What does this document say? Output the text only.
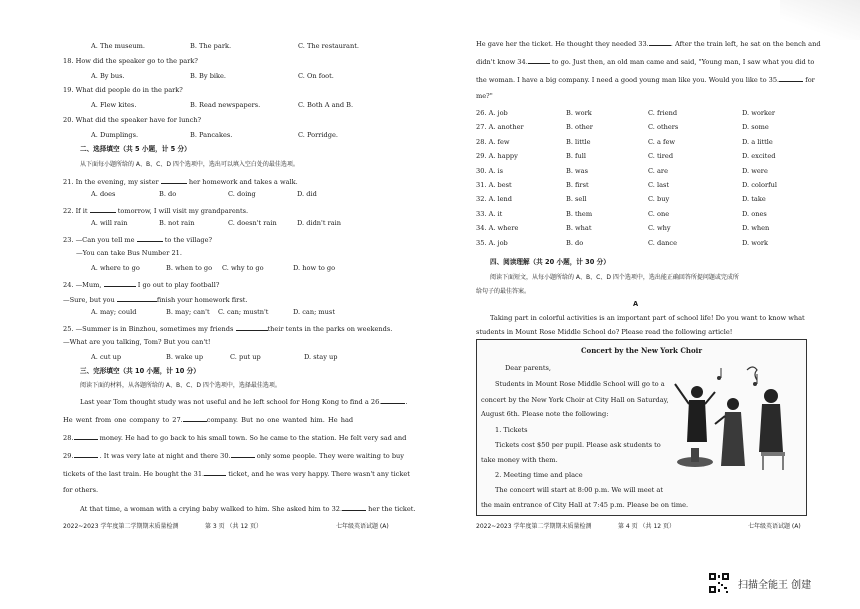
A. The museum.	B. The park.	C. The restaurant.
18. How did the speaker go to the park?
A. By bus.	B. By bike.	C. On foot.
19. What did people do in the park?
A. Flew kites.	B. Read newspapers.	C. Both A and B.
20. What did the speaker have for lunch?
A. Dumplings.	B. Pancakes.	C. Porridge.
二、选择填空（共 5 小题，计 5 分）
从下面每小题所给的 A、B、C、D 四个选项中，选出可以填入空白处的最佳选项。
21. In the evening, my sister	her homework and takes a walk.
A. does	B. do	C. doing	D. did
22. If it	tomorrow, I will visit my grandparents.
A. will rain	B. not rain	C. doesn't rain	D. didn't rain
23. —Can you tell me	to the village?
—You can take Bus Number 21.
A. where to go	B. when to go C. why to go	D. how to go
24. —Mum,	I go out to play football?
—Sure, but you	finish your homework first.
A. may; could	B. may; can't C. can; mustn't	D. can; must
25. —Summer is in Binzhou, sometimes my friends	their tents in the parks on weekends.
—What are you talking, Tom? But you can't!
A. cut up	B. wake up	C. put up	D. stay up
三、完形填空（共 10 小题，计 10 分）
阅读下面的材料，从各题所给的 A、B、C、D 四个选项中，选择最佳选项。
Last year Tom thought study was not useful and he left school for Hong Kong to find a 26.	.
He went from one company to 27.	company. But no one wanted him. He had
28.	money. He had to go back to his small town. So he came to the station. He felt very sad and
29.	. It was very late at night and there 30.	only some people. They were waiting to buy
tickets of the last train. He bought the 31.	ticket, and he was very happy. There wasn't any ticket
for others.
At that time, a woman with a crying baby walked to him. She asked him to 32.	her the ticket.
2022~2023 学年度第二学期期末质量检测	第 3 页 （共 12 页）	七年级英语试题 (A)
He gave her the ticket. He thought they needed 33.	. After the train left, he sat on the bench and
didn't know 34.	to go. Just then, an old man came and said, "Young man, I saw what you did to
the woman. I have a big company. I need a good young man like you. Would you like to 35.	for
me?"
26. A. job	B. work	C. friend	D. worker
27. A. another	B. other	C. others	D. some
28. A. few	B. little	C. a few	D. a little
29. A. happy	B. full	C. tired	D. excited
30. A. is	B. was	C. are	D. were
31. A. best	B. first	C. last	D. colorful
32. A. lend	B. sell	C. buy	D. take
33. A. it	B. them	C. one	D. ones
34. A. where	B. what	C. why	D. when
35. A. job	B. do	C. dance	D. work
四、阅读理解（共 20 小题，计 30 分）
阅读下面短文，从每小题所给的 A、B、C、D 四个选项中，选出能正确回答所提问题或完成所
给句子的最佳答案。
A
Taking part in colorful activities is an important part of school life! Do you want to know what
students in Mount Rose Middle School do? Please read the following article!
2022~2023 学年度第二学期期末质量检测	第 4 页 （共 12 页）	七年级英语试题 (A)
Concert by the New York Choir
Dear parents,
Students in Mount Rose Middle School will go to a
concert by the New York Choir at City Hall on Saturday,
August 6th. Please note the following:
1. Tickets
Tickets cost $50 per pupil. Please ask students to
take money with them.
2. Meeting time and place
The concert will start at 8:00 p.m. We will meet at
the main entrance of City Hall at 7:45 p.m. Please be on time.
扫描全能王 创建
